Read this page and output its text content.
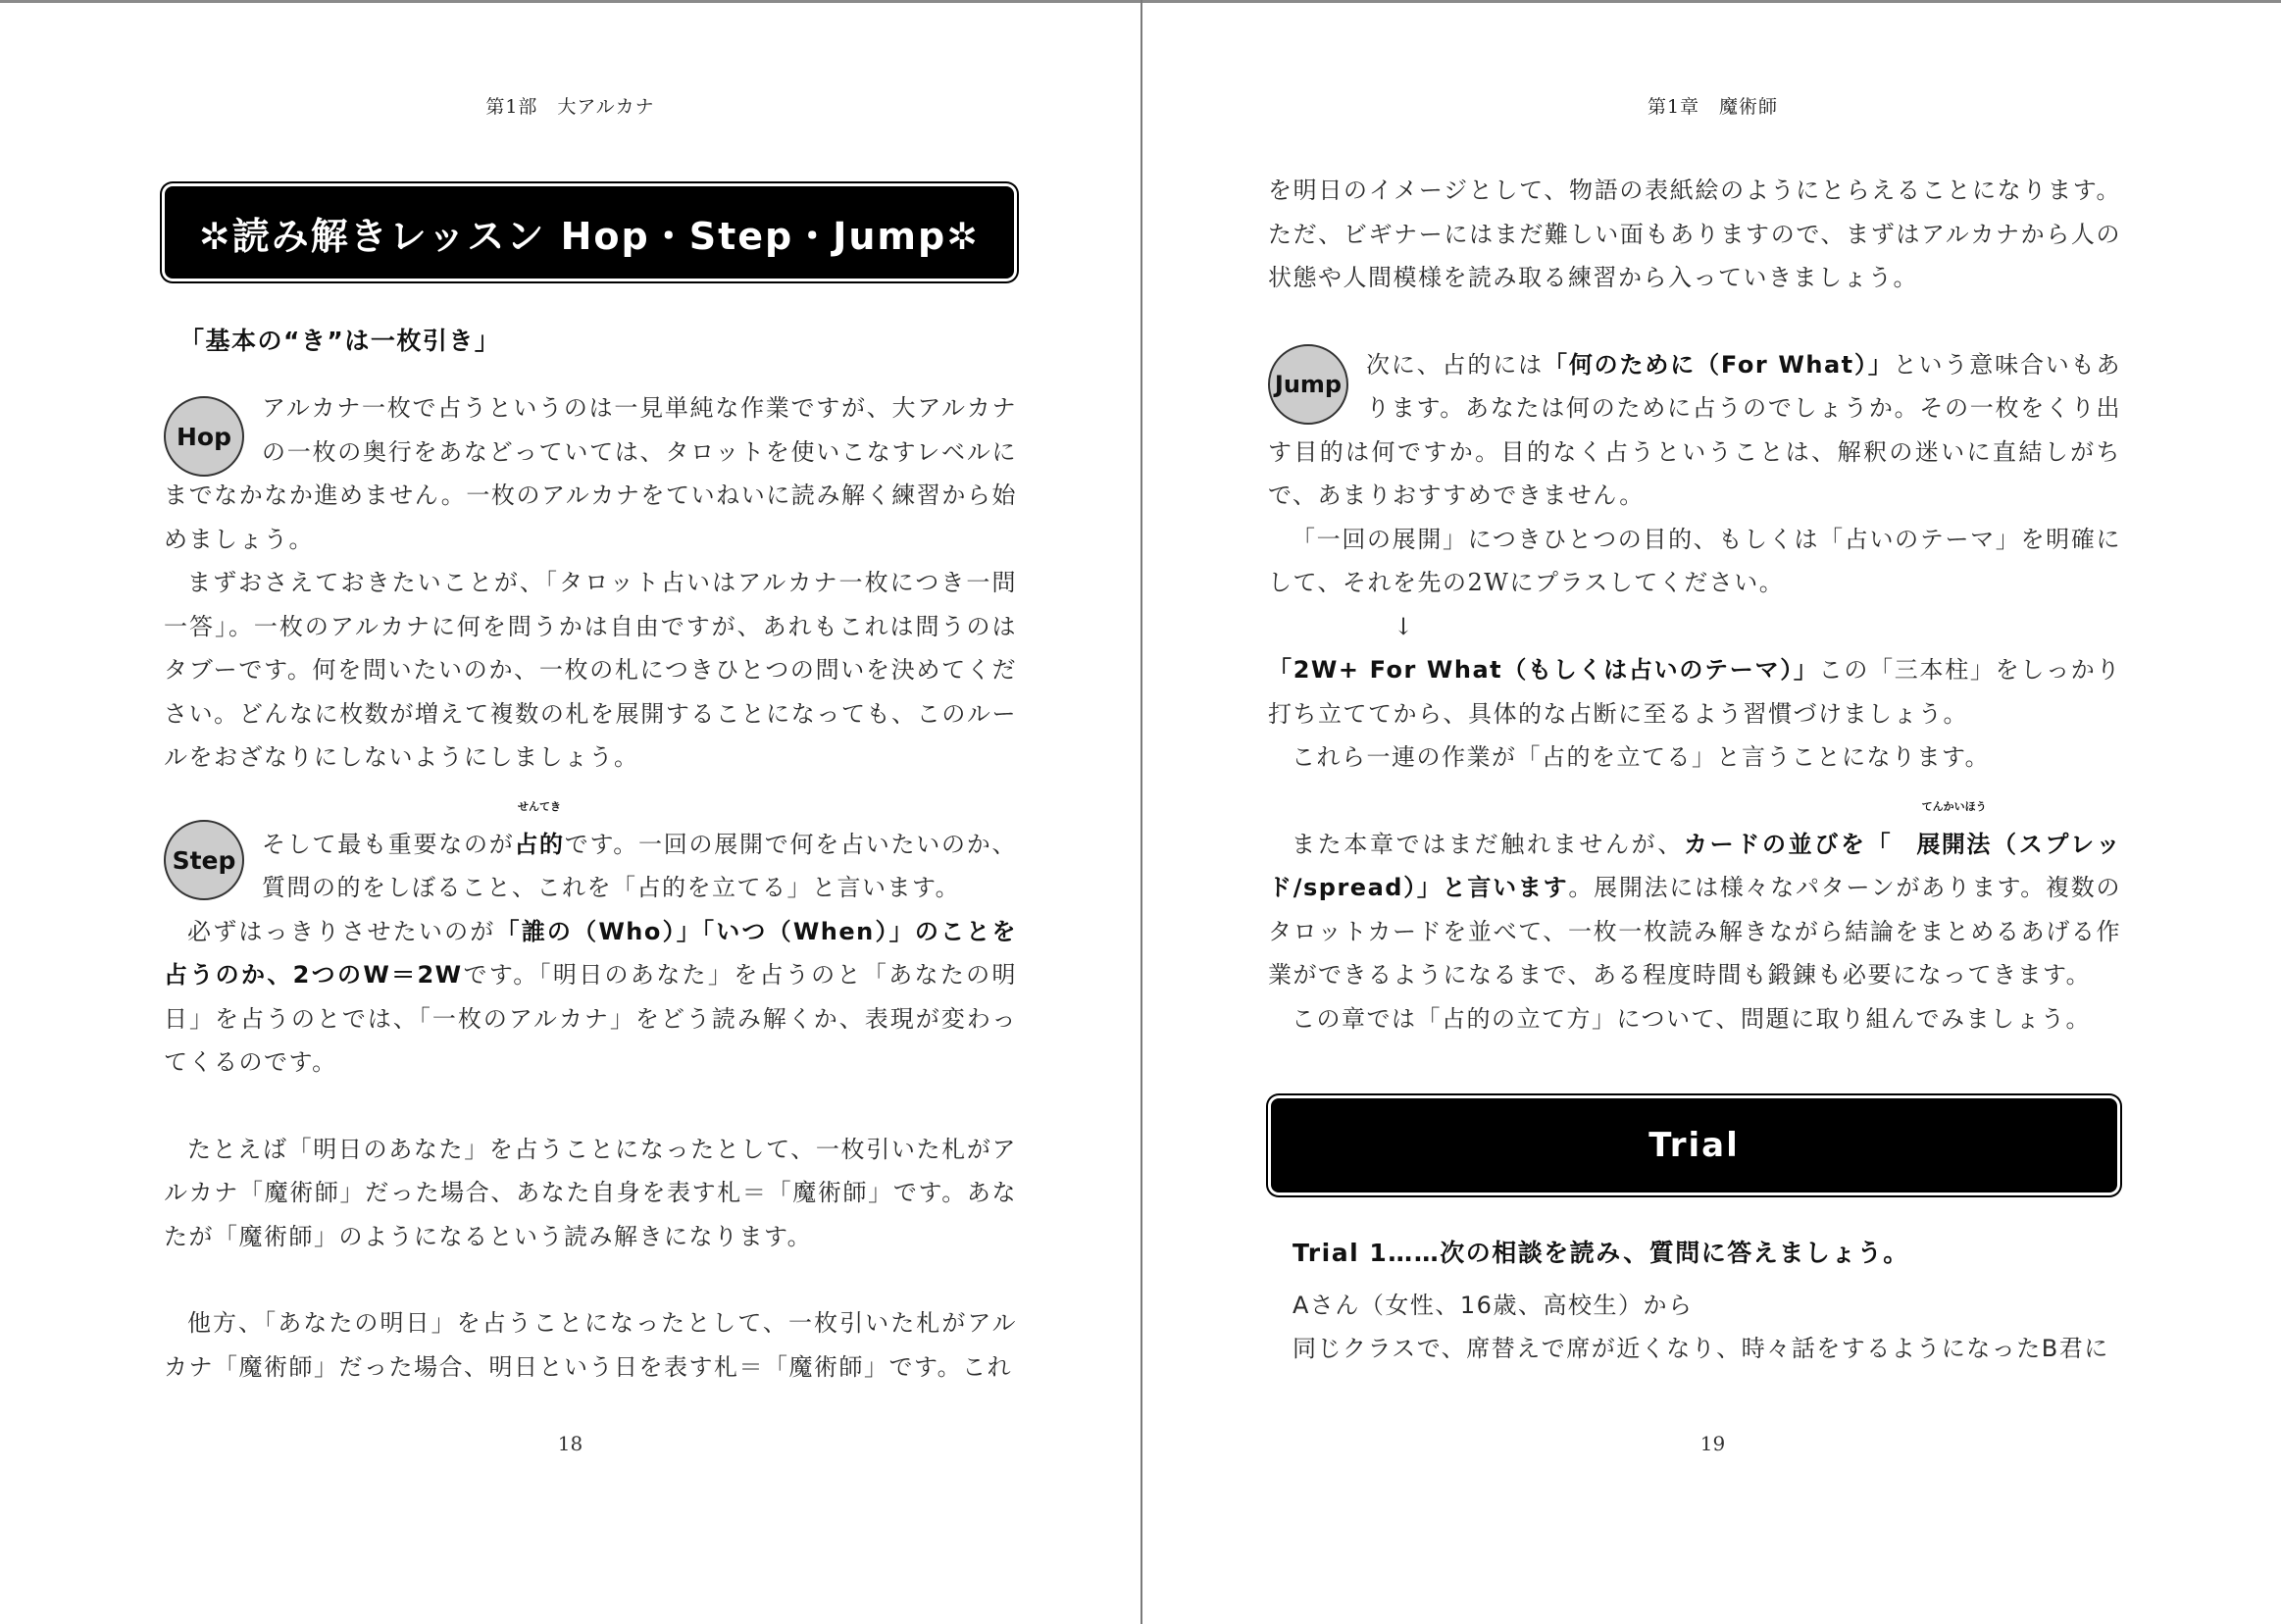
第1部　大アルカナ
✲読み解きレッスン Hop・Step・Jump✲
「基本の“き”は一枚引き」
Hop

アルカナ一枚で占うというのは一見単純な作業ですが、大アルカナの一枚の奥行をあなどっていては、タロットを使いこなすレベルにまでなかなか進めません。一枚のアルカナをていねいに読み解く練習から始めましょう。

まずおさえておきたいことが、「タロット占いはアルカナ一枚につき一問一答」。一枚のアルカナに何を問うかは自由ですが、あれもこれは問うのはタブーです。何を問いたいのか、一枚の札につきひとつの問いを決めてください。どんなに枚数が増えて複数の札を展開することになっても、このルールをおざなりにしないようにしましょう。

そして最も重要なのが
せんてき
占的です。一回の展開で何を占いたいのか、質問の的をしぼること、これを「占的を立てる」と言います。

必ずはっきりさせたいのが「誰の（Who）」「いつ（When）」のことを占うのか、2つのW＝2Wです。「明日のあなた」を占うのと「あなたの明日」を占うのとでは、「一枚のアルカナ」をどう読み解くか、表現が変わってくるのです。

たとえば「明日のあなた」を占うことになったとして、一枚引いた札がアルカナ「魔術師」だった場合、あなた自身を表す札＝「魔術師」です。あなたが「魔術師」のようになるという読み解きになります。

他方、「あなたの明日」を占うことになったとして、一枚引いた札がアルカナ「魔術師」だった場合、明日という日を表す札＝「魔術師」です。これ

Step
18
第1章　魔術師

を明日のイメージとして、物語の表紙絵のようにとらえることになります。ただ、ビギナーにはまだ難しい面もありますので、まずはアルカナから人の状態や人間模様を読み取る練習から入っていきましょう。

次に、占的には「何のために（For What）」という意味合いもあります。あなたは何のために占うのでしょうか。その一枚をくり出す目的は何ですか。目的なく占うということは、解釈の迷いに直結しがちで、あまりおすすめできません。

「一回の展開」につきひとつの目的、もしくは「占いのテーマ」を明確にして、それを先の2Wにプラスしてください。

↓

「2W+ For What（もしくは占いのテーマ）」この「三本柱」をしっかり打ち立ててから、具体的な占断に至るよう習慣づけましょう。

これら一連の作業が「占的を立てる」と言うことになります。

また本章ではまだ触れませんが、カードの並びを「
てんかいほう
展開法（スプレッド/spread）」と言います。展開法には様々なパターンがあります。複数のタロットカードを並べて、一枚一枚読み解きながら結論をまとめるあげる作業ができるようになるまで、ある程度時間も鍛錬も必要になってきます。

この章では「占的の立て方」について、問題に取り組んでみましょう。

Jump
Trial

Trial 1……次の相談を読み、質問に答えましょう。

Aさん（女性、16歳、高校生）から

同じクラスで、席替えで席が近くなり、時々話をするようになったB君に

19
